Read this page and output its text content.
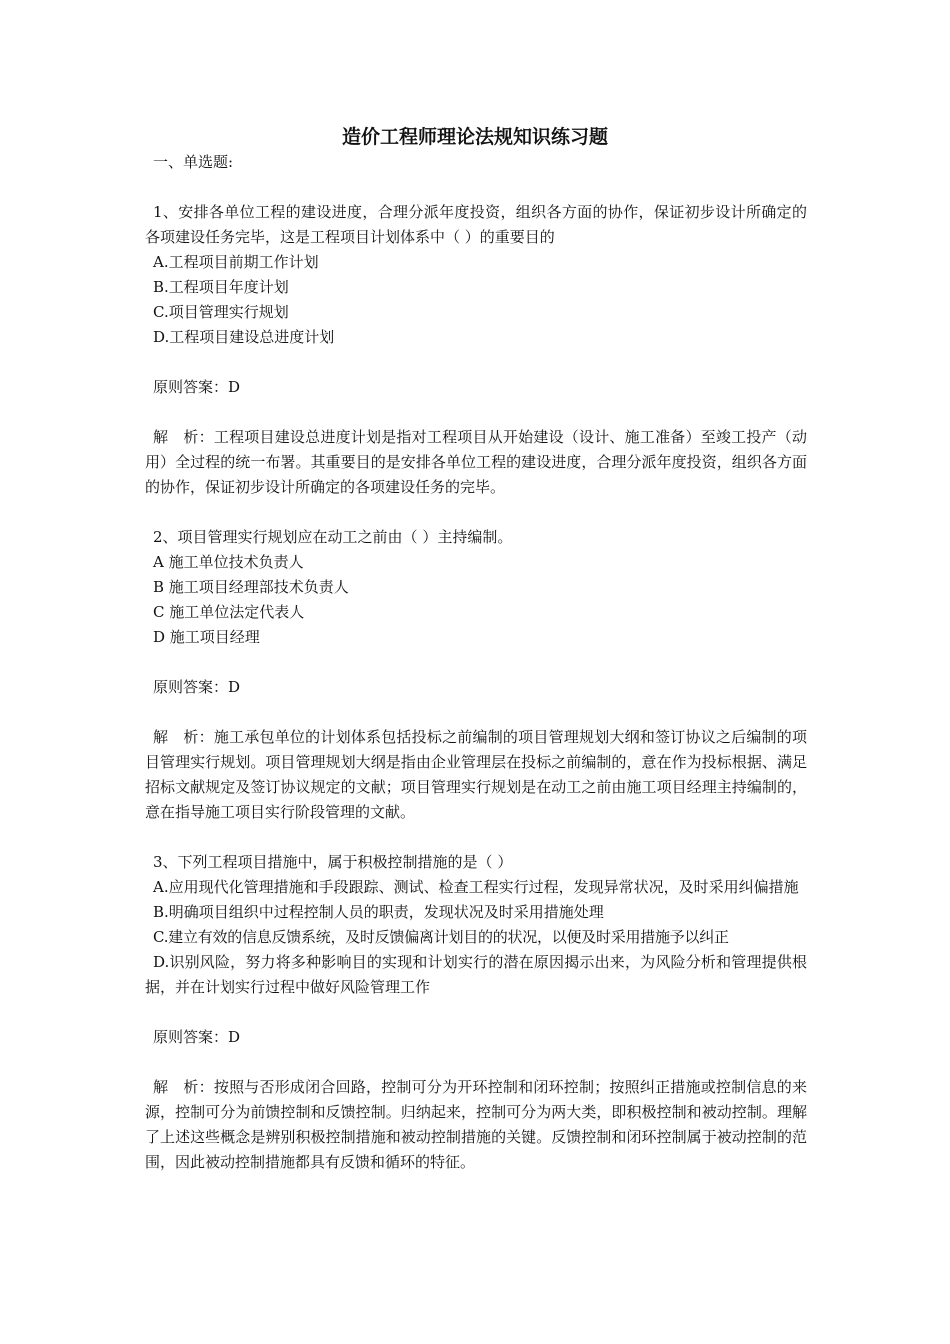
造价工程师理论法规知识练习题
一、单选题:
1、安排各单位工程的建设进度，合理分派年度投资，组织各方面的协作，保证初步设计所确定的各项建设任务完毕，这是工程项目计划体系中（ ）的重要目的
A.工程项目前期工作计划
B.工程项目年度计划
C.项目管理实行规划
D.工程项目建设总进度计划
原则答案：D
解　析：工程项目建设总进度计划是指对工程项目从开始建设（设计、施工准备）至竣工投产（动用）全过程的统一布署。其重要目的是安排各单位工程的建设进度，合理分派年度投资，组织各方面的协作，保证初步设计所确定的各项建设任务的完毕。
2、项目管理实行规划应在动工之前由（ ）主持编制。
A 施工单位技术负责人
B 施工项目经理部技术负责人
C 施工单位法定代表人
D 施工项目经理
原则答案：D
解　析：施工承包单位的计划体系包括投标之前编制的项目管理规划大纲和签订协议之后编制的项目管理实行规划。项目管理规划大纲是指由企业管理层在投标之前编制的，意在作为投标根据、满足招标文献规定及签订协议规定的文献；项目管理实行规划是在动工之前由施工项目经理主持编制的，意在指导施工项目实行阶段管理的文献。
3、下列工程项目措施中，属于积极控制措施的是（ ）
A.应用现代化管理措施和手段跟踪、测试、检查工程实行过程，发现异常状况，及时采用纠偏措施
B.明确项目组织中过程控制人员的职责，发现状况及时采用措施处理
C.建立有效的信息反馈系统，及时反馈偏离计划目的的状况，以便及时采用措施予以纠正
D.识别风险，努力将多种影响目的实现和计划实行的潜在原因揭示出来，为风险分析和管理提供根据，并在计划实行过程中做好风险管理工作
原则答案：D
解　析：按照与否形成闭合回路，控制可分为开环控制和闭环控制；按照纠正措施或控制信息的来源，控制可分为前馈控制和反馈控制。归纳起来，控制可分为两大类，即积极控制和被动控制。理解了上述这些概念是辨别积极控制措施和被动控制措施的关键。反馈控制和闭环控制属于被动控制的范围，因此被动控制措施都具有反馈和循环的特征。
